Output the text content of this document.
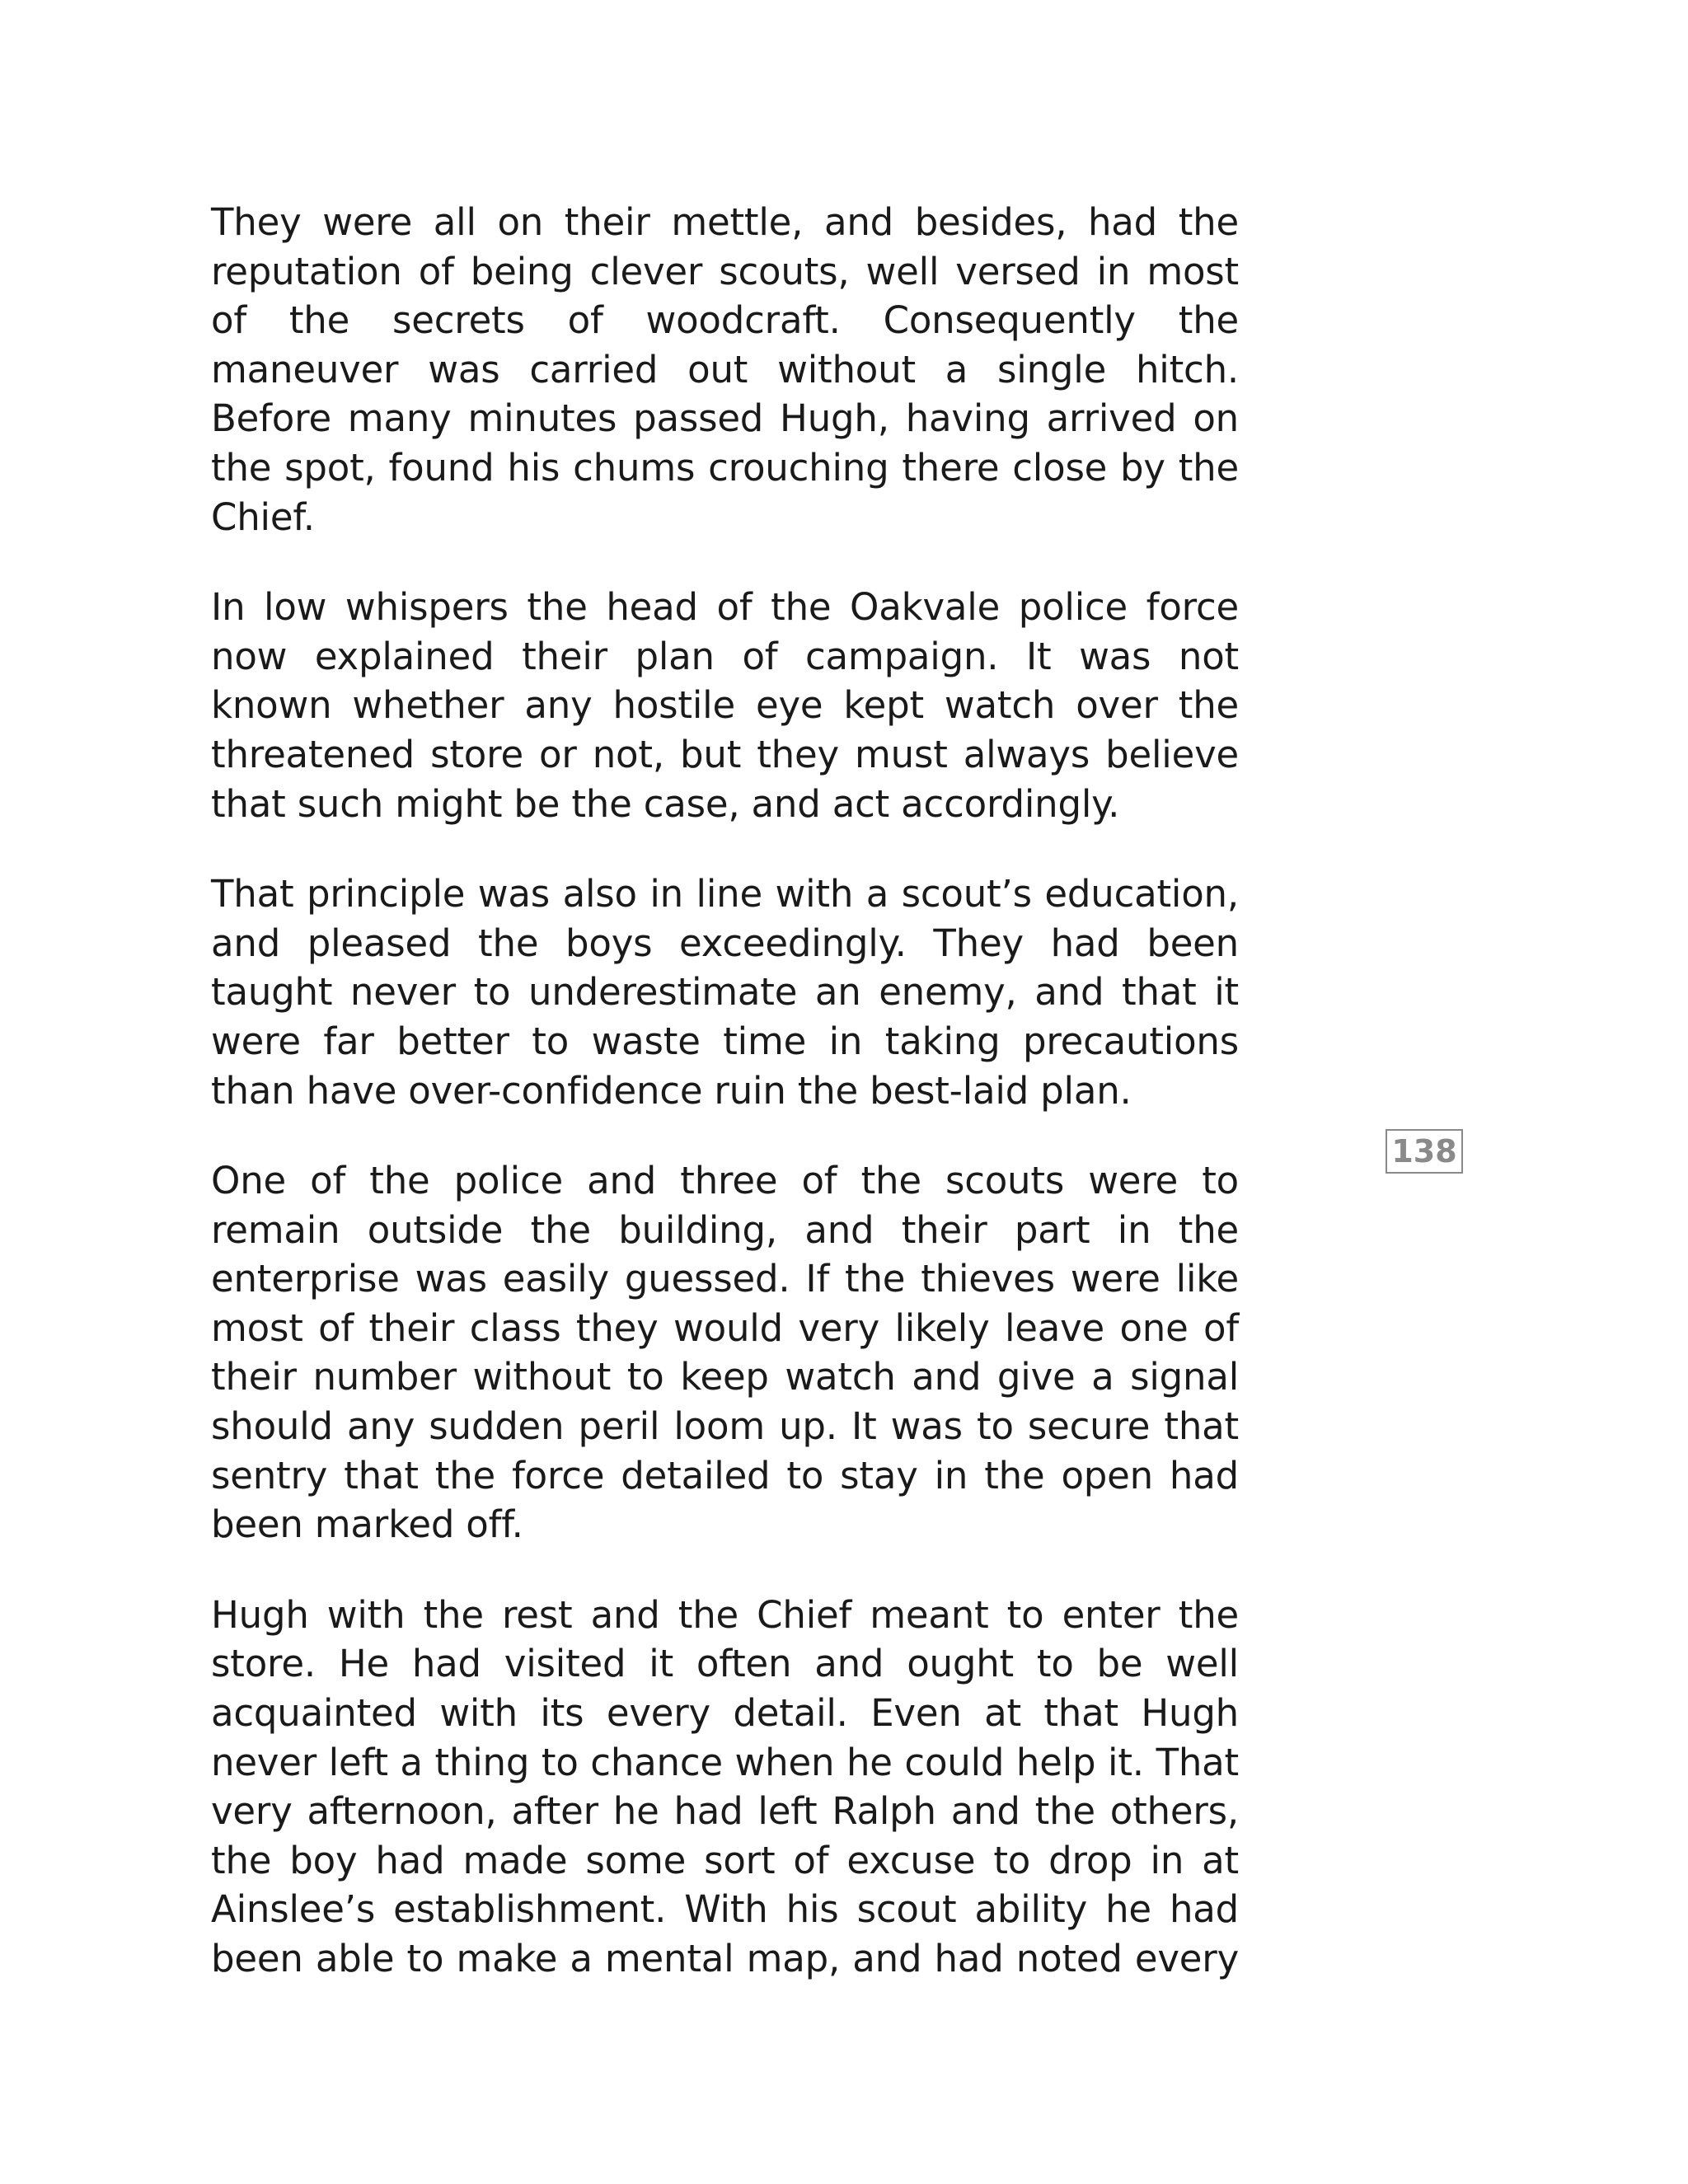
They were all on their mettle, and besides, had the reputation of being clever scouts, well versed in most of the secrets of woodcraft. Consequently the maneuver was carried out without a single hitch. Before many minutes passed Hugh, having arrived on the spot, found his chums crouching there close by the Chief.

In low whispers the head of the Oakvale police force now explained their plan of campaign. It was not known whether any hostile eye kept watch over the threatened store or not, but they must always believe that such might be the case, and act accordingly.

That principle was also in line with a scout’s education, and pleased the boys exceedingly. They had been taught never to underestimate an enemy, and that it were far better to waste time in taking precautions than have over-confidence ruin the best-laid plan.

One of the police and three of the scouts were to remain outside the building, and their part in the enterprise was easily guessed. If the thieves were like most of their class they would very likely leave one of their number without to keep watch and give a signal should any sudden peril loom up. It was to secure that sentry that the force detailed to stay in the open had been marked off.

Hugh with the rest and the Chief meant to enter the store. He had visited it often and ought to be well acquainted with its every detail. Even at that Hugh never left a thing to chance when he could help it. That very afternoon, after he had left Ralph and the others, the boy had made some sort of excuse to drop in at Ainslee’s establishment. With his scout ability he had been able to make a mental map, and had noted every

138
